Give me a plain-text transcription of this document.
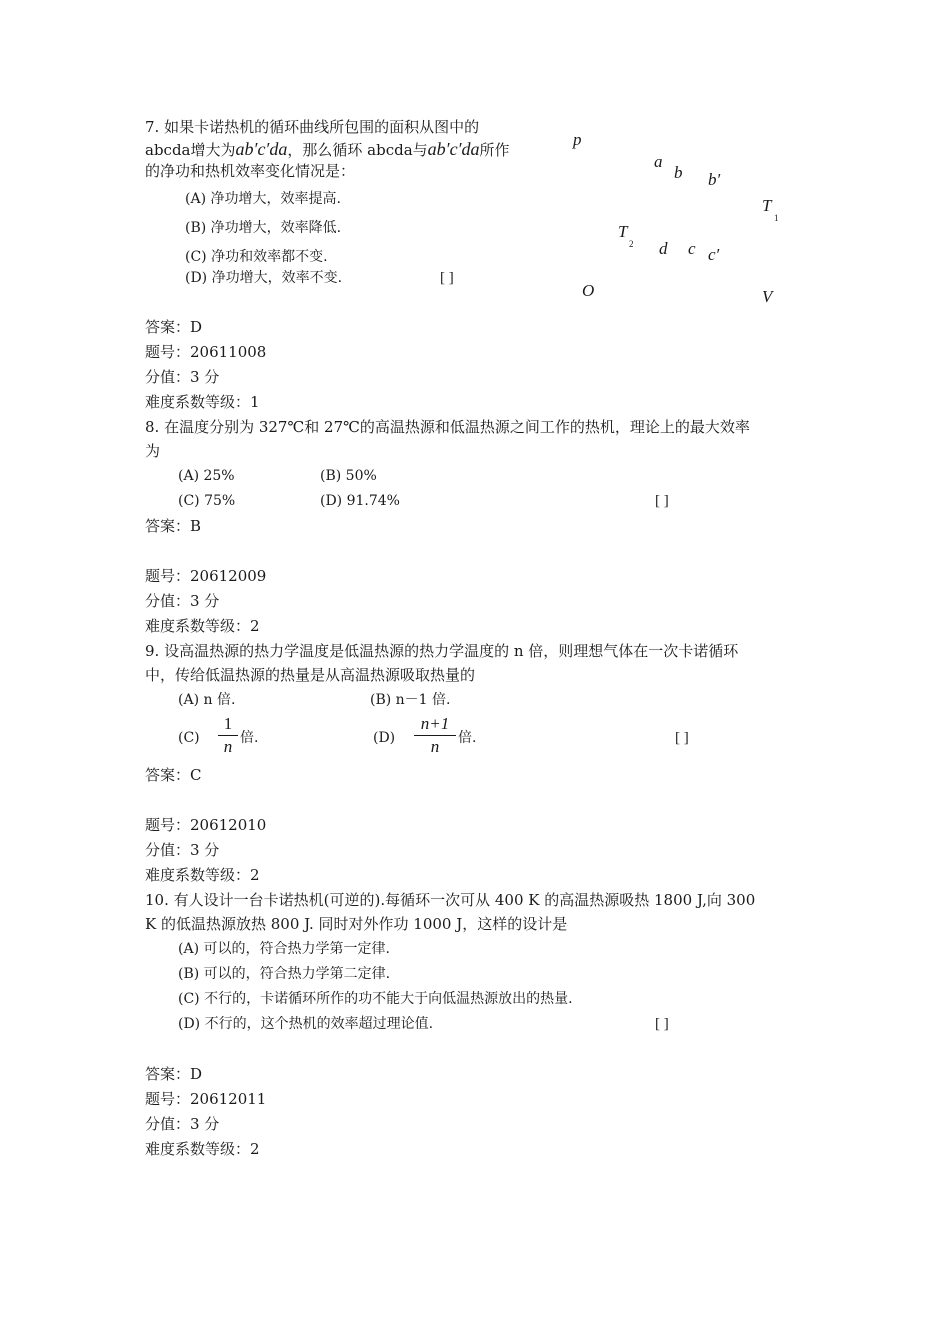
7. 如果卡诺热机的循环曲线所包围的面积从图中的
abcda增大为ab′c′da，那么循环 abcda与ab′c′da所作
的净功和热机效率变化情况是：
(A) 净功增大，效率提高.
(B) 净功增大，效率降低.
(C) 净功和效率都不变.
(D) 净功增大，效率不变.	[ ]
p
a
b b′
T
1
T
2 d c c′
O	V
答案：D
题号：20611008
分值：3 分
难度系数等级：1
8. 在温度分别为 327℃和 27℃的高温热源和低温热源之间工作的热机，理论上的最大效率
为
(A) 25%	(B) 50%
(C) 75%	(D) 91.74%	[ ]
答案：B
题号：20612009
分值：3 分
难度系数等级：2
9. 设高温热源的热力学温度是低温热源的热力学温度的 n 倍，则理想气体在一次卡诺循环
中，传给低温热源的热量是从高温热源吸取热量的
(A) n 倍.	(B) n－1 倍.
(C)
1
n 倍.	(D)
n+1
n	倍.	[ ]
答案：C
题号：20612010
分值：3 分
难度系数等级：2
10. 有人设计一台卡诺热机(可逆的).每循环一次可从 400 K 的高温热源吸热 1800 J,向 300
K 的低温热源放热 800 J. 同时对外作功 1000 J，这样的设计是
(A) 可以的，符合热力学第一定律.
(B) 可以的，符合热力学第二定律.
(C) 不行的，卡诺循环所作的功不能大于向低温热源放出的热量.
(D) 不行的，这个热机的效率超过理论值.	[ ]
答案：D
题号：20612011
分值：3 分
难度系数等级：2
